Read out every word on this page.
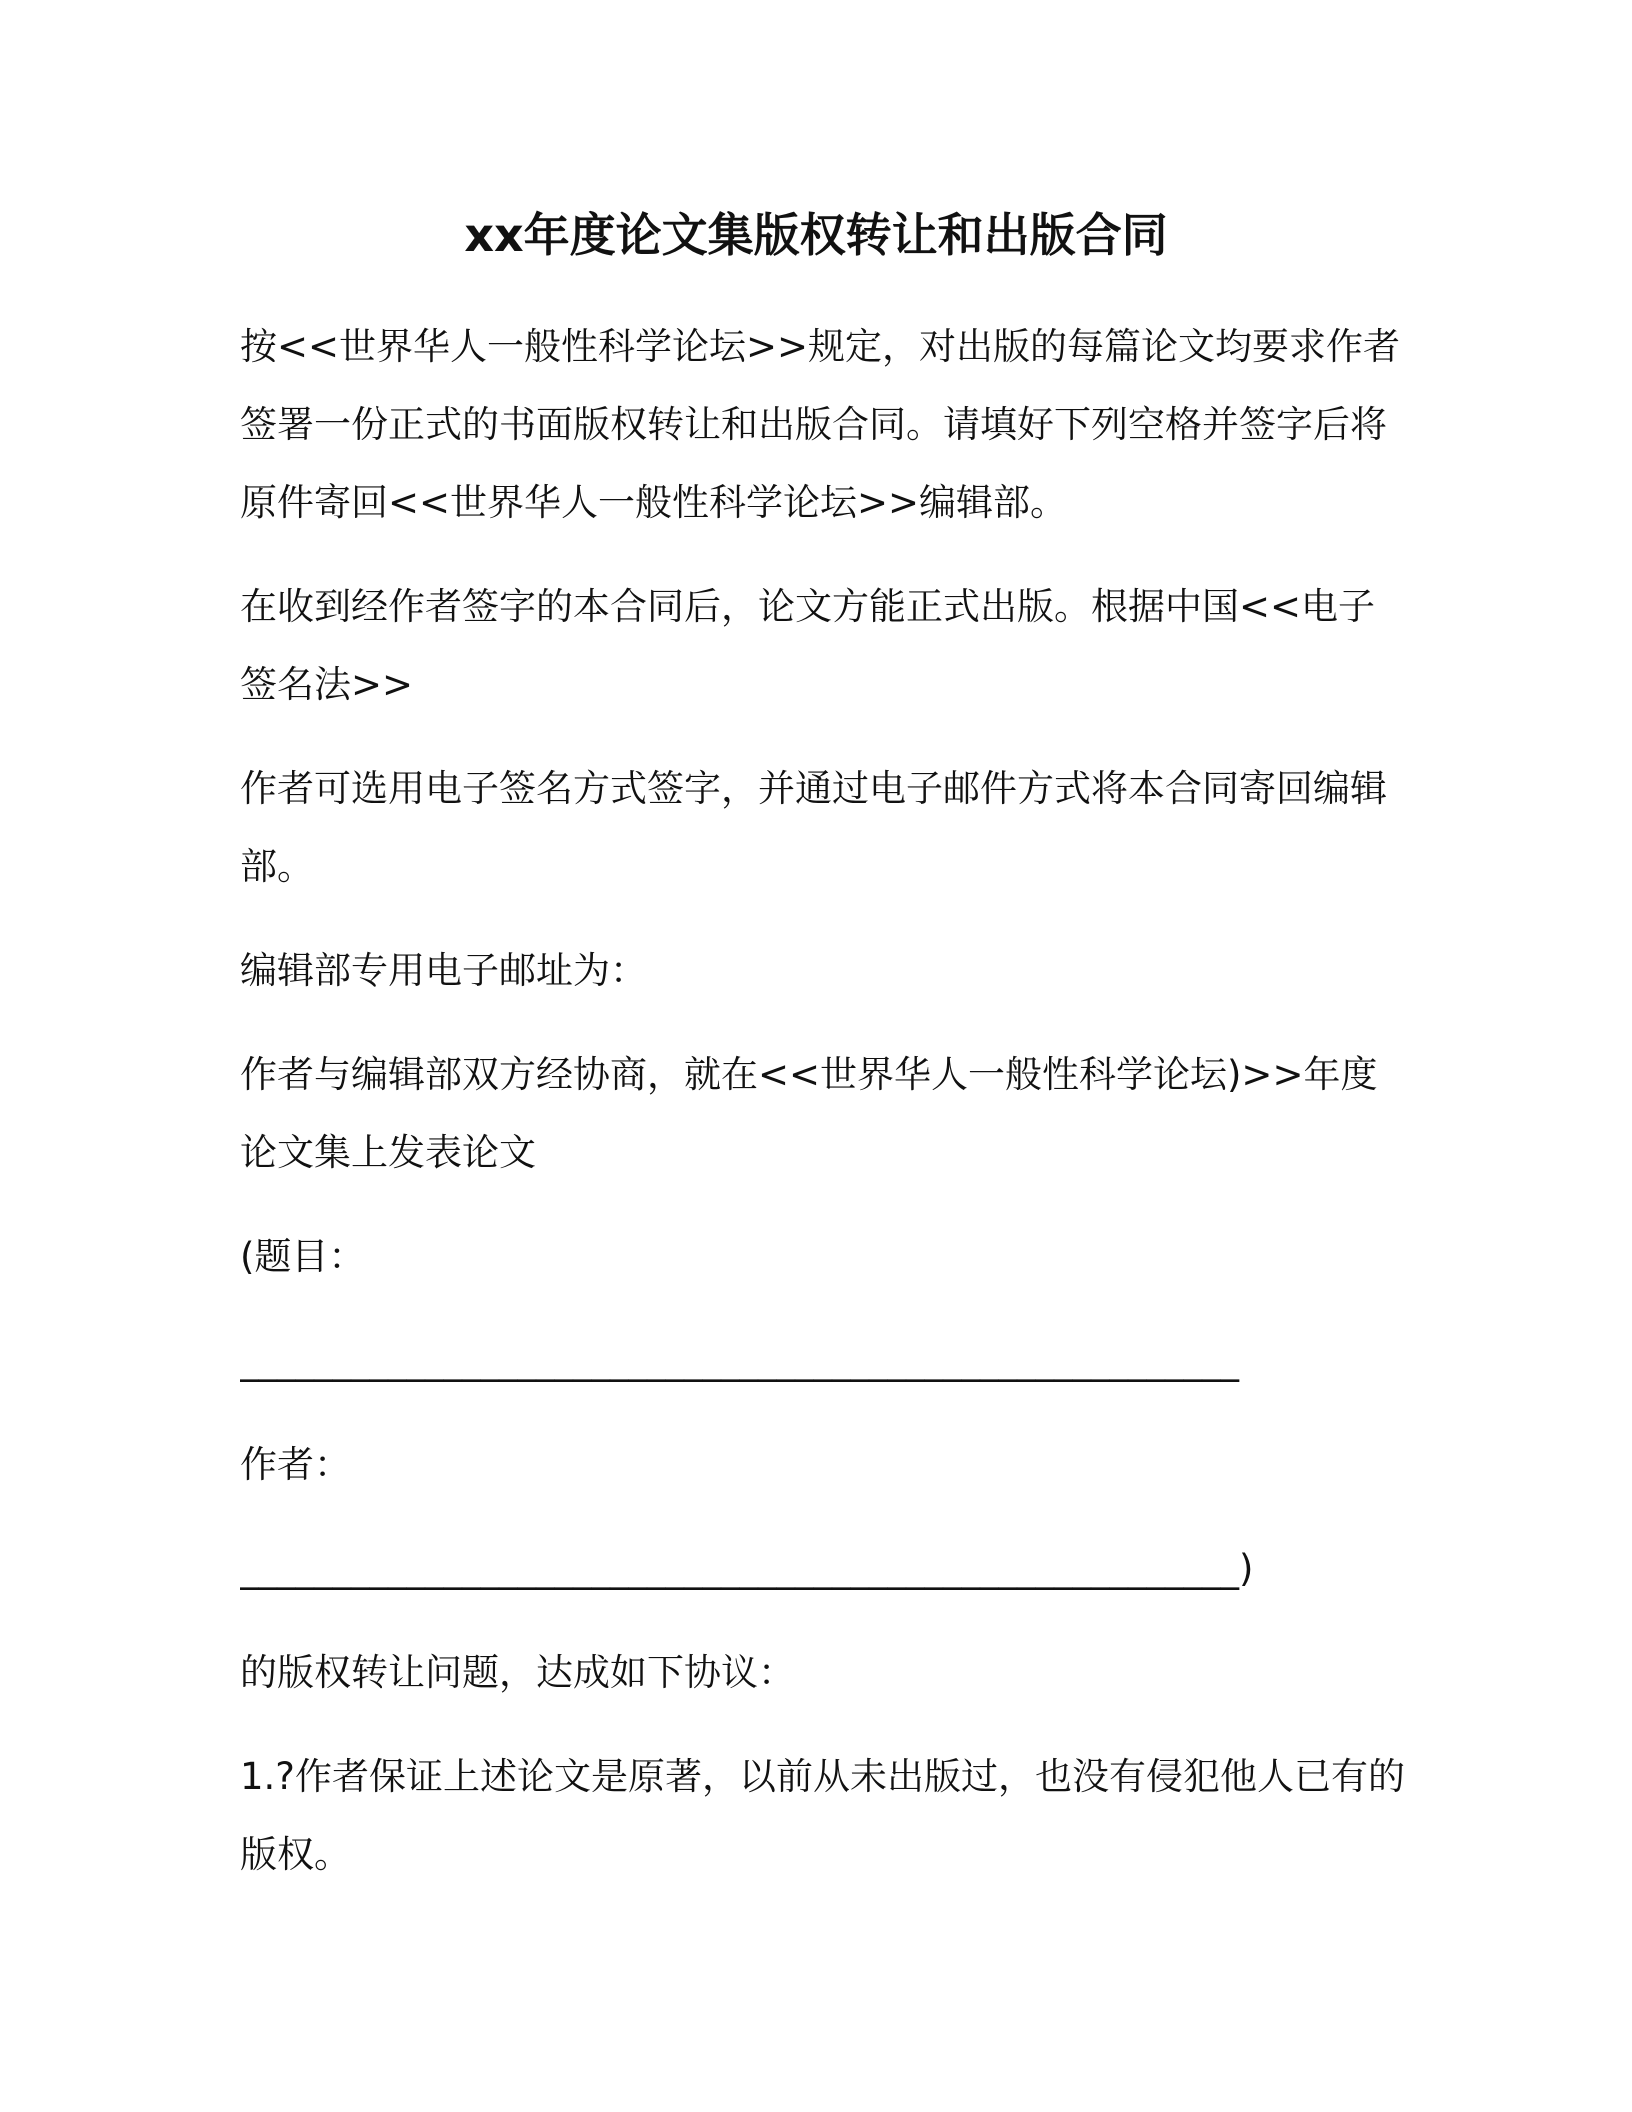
xx年度论文集版权转让和出版合同

按<<世界华人一般性科学论坛>>规定，对出版的每篇论文均要求作者签署一份正式的书面版权转让和出版合同。请填好下列空格并签字后将原件寄回<<世界华人一般性科学论坛>>编辑部。

在收到经作者签字的本合同后，论文方能正式出版。根据中国<<电子签名法>>

作者可选用电子签名方式签字，并通过电子邮件方式将本合同寄回编辑部。

编辑部专用电子邮址为：

作者与编辑部双方经协商，就在<<世界华人一般性科学论坛)>>年度论文集上发表论文

(题目：

______________________________________________________

作者：

______________________________________________________)

的版权转让问题，达成如下协议：

1.?作者保证上述论文是原著，以前从未出版过，也没有侵犯他人已有的版权。
